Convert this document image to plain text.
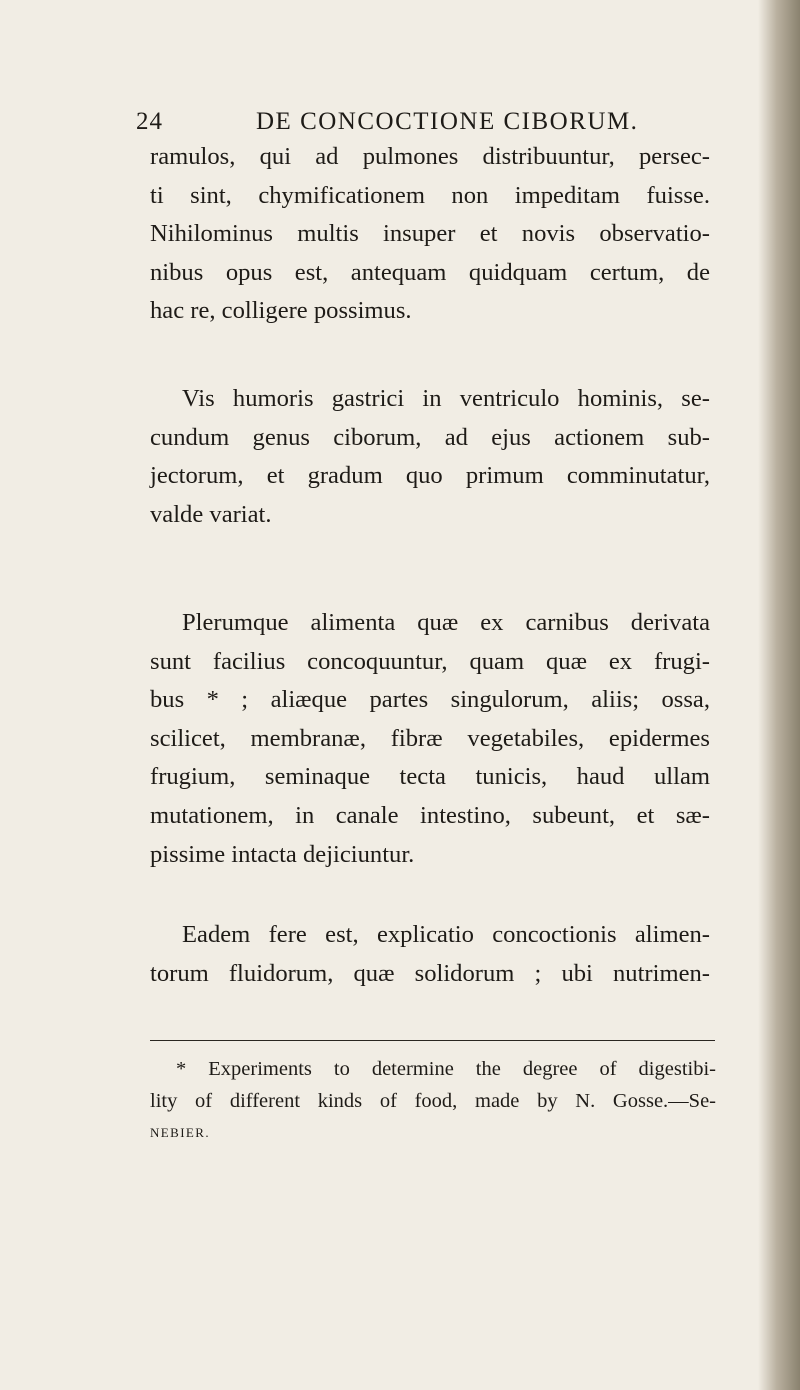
24	DE CONCOCTIONE CIBORUM.
ramulos, qui ad pulmones distribuuntur, persec-
ti sint, chymificationem non impeditam fuisse.
Nihilominus multis insuper et novis observatio-
nibus opus est, antequam quidquam certum, de
hac re, colligere possimus.
Vis humoris gastrici in ventriculo hominis, se-
cundum genus ciborum, ad ejus actionem sub-
jectorum, et gradum quo primum comminutatur,
valde variat.
Plerumque alimenta quæ ex carnibus derivata
sunt facilius concoquuntur, quam quæ ex frugi-
bus * ; aliæque partes singulorum, aliis; ossa,
scilicet, membranæ, fibræ vegetabiles, epidermes
frugium, seminaque tecta tunicis, haud ullam
mutationem, in canale intestino, subeunt, et sæ-
pissime intacta dejiciuntur.
Eadem fere est, explicatio concoctionis alimen-
torum fluidorum, quæ solidorum ; ubi nutrimen-
* Experiments to determine the degree of digestibi-
lity of different kinds of food, made by N. Gosse.—Se-
NEBIER.
